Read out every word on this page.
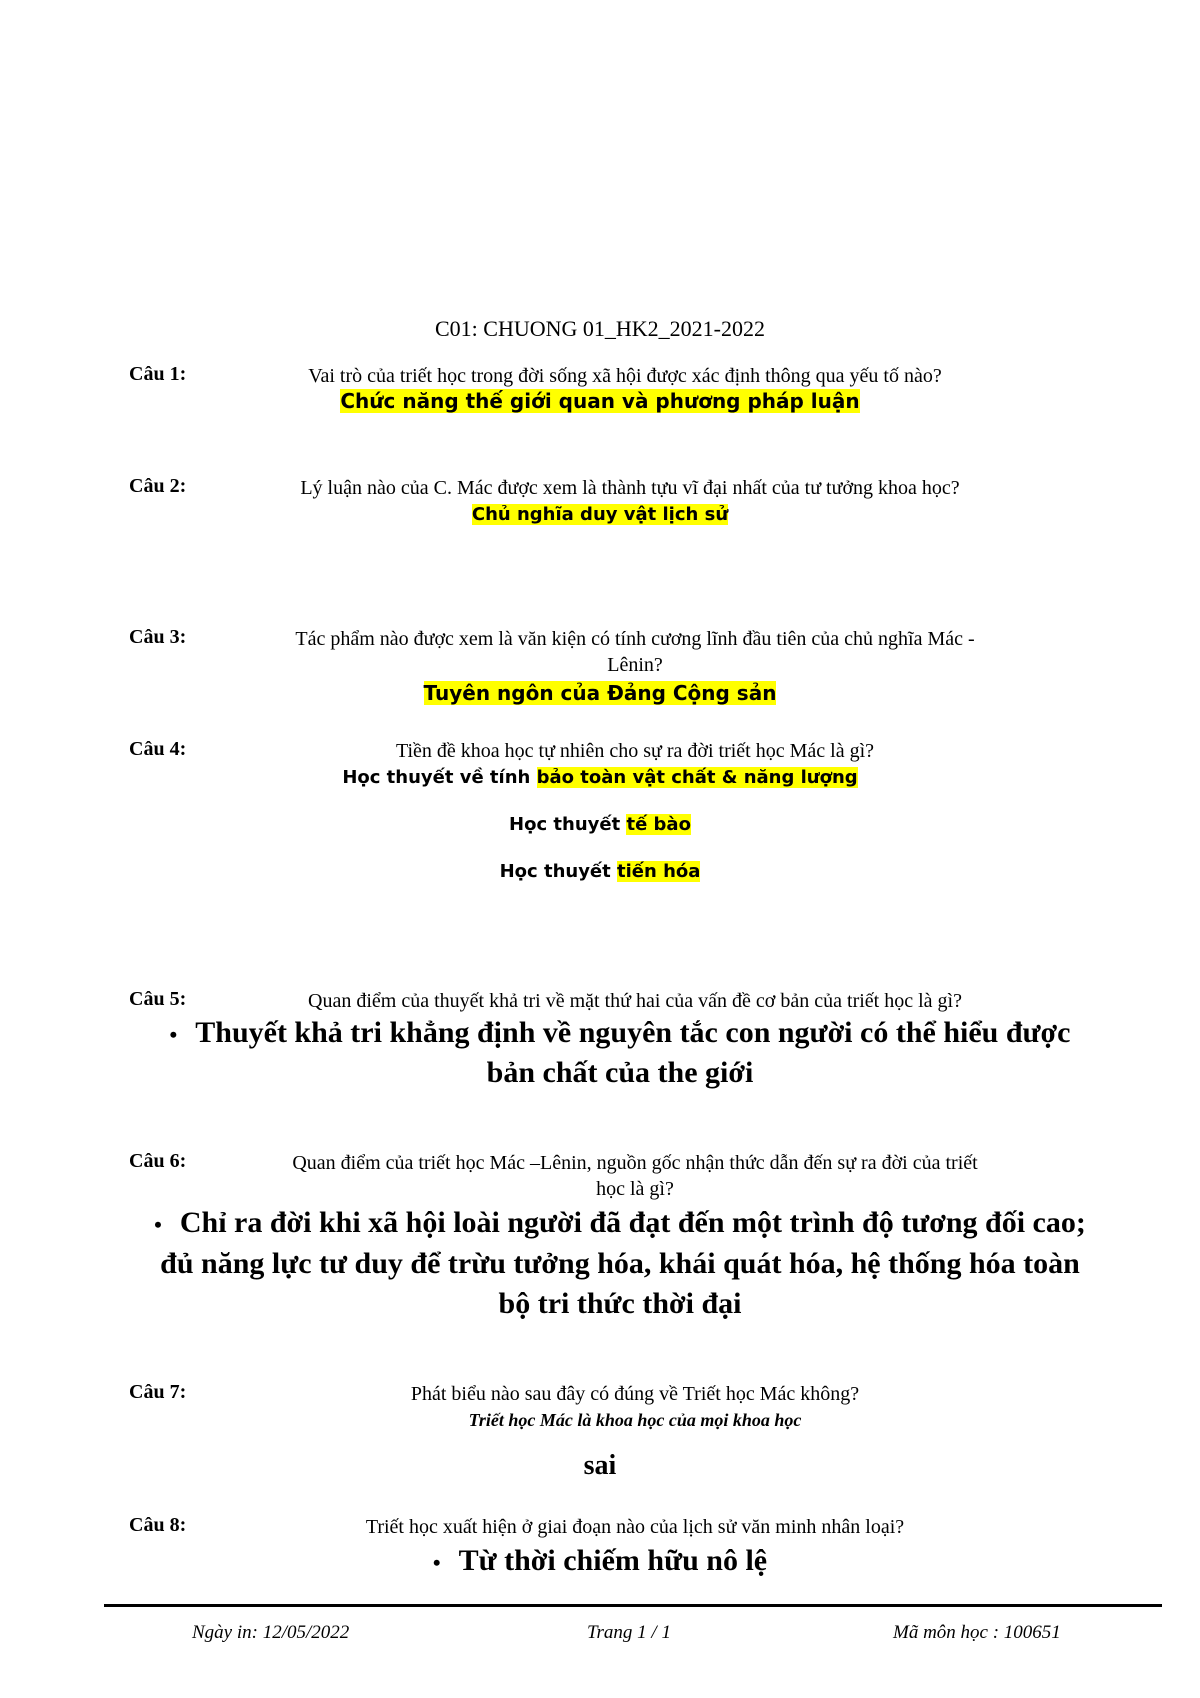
C01: CHUONG 01_HK2_2021-2022
Câu 1:	Vai trò của triết học trong đời sống xã hội được xác định thông qua yếu tố nào?
Chức năng thế giới quan và phương pháp luận
Câu 2:	Lý luận nào của C. Mác được xem là thành tựu vĩ đại nhất của tư tưởng khoa học?
Chủ nghĩa duy vật lịch sử
Câu 3:	Tác phẩm nào được xem là văn kiện có tính cương lĩnh đầu tiên của chủ nghĩa Mác -
Lênin?
Tuyên ngôn của Đảng Cộng sản
Câu 4:	Tiền đề khoa học tự nhiên cho sự ra đời triết học Mác là gì?
Học thuyết về tính bảo toàn vật chất & năng lượng
Học thuyết tế bào
Học thuyết tiến hóa
Câu 5:	Quan điểm của thuyết khả tri về mặt thứ hai của vấn đề cơ bản của triết học là gì?
• Thuyết khả tri khẳng định về nguyên tắc con người có thể hiểu được
bản chất của the giới
Câu 6:	Quan điểm của triết học Mác –Lênin, nguồn gốc nhận thức dẫn đến sự ra đời của triết
học là gì?
• Chỉ ra đời khi xã hội loài người đã đạt đến một trình độ tương đối cao;
đủ năng lực tư duy để trừu tưởng hóa, khái quát hóa, hệ thống hóa toàn
bộ tri thức thời đại
Câu 7:	Phát biểu nào sau đây có đúng về Triết học Mác không?
Triết học Mác là khoa học của mọi khoa học
sai
Câu 8:	Triết học xuất hiện ở giai đoạn nào của lịch sử văn minh nhân loại?
• Từ thời chiếm hữu nô lệ
Ngày in: 12/05/2022	Trang 1 / 1	Mã môn học : 100651
